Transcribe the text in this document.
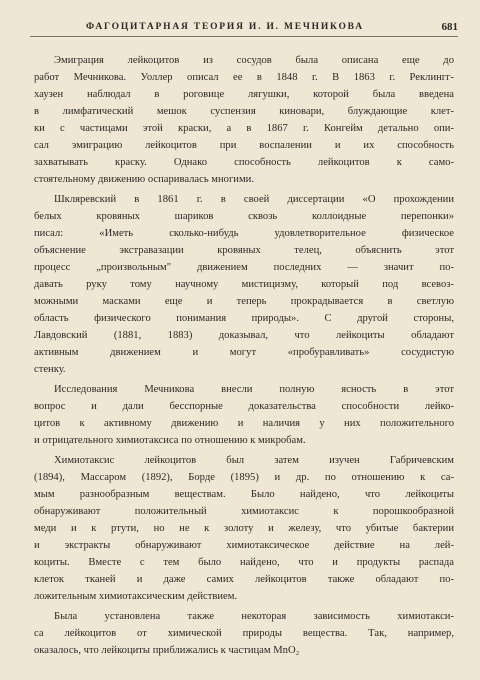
ФАГОЦИТАРНАЯ ТЕОРИЯ И. И. МЕЧНИКОВА	681

Эмиграция лейкоцитов из сосудов была описана еще до
работ Мечникова. Уоллер описал ее в 1848 г. В 1863 г. Реклингг-
хаузен наблюдал в роговице лягушки, которой была введена
в лимфатический мешок суспензия киновари, блуждающие клет-
ки с частицами этой краски, а в 1867 г. Конгейм детально опи-
сал эмиграцию лейкоцитов при воспалении и их способность
захватывать краску. Однако способность лейкоцитов к само-
стоятельному движению оспаривалась многими.

Шкляревский в 1861 г. в своей диссертации «О прохождении
белых кровяных шариков сквозь коллоидные перепонки»
писал: «Иметь сколько-нибудь удовлетворительное физическое
объяснение экстравазации кровяных телец, объяснить этот
процесс „произвольным" движением последних — значит по-
давать руку тому научному мистицизму, который под всевоз-
можными масками еще и теперь прокрадывается в светлую
область физического понимания природы». С другой стороны,
Лавдовский (1881, 1883) доказывал, что лейкоциты обладают
активным движением и могут «пробуравливать» сосудистую
стенку.

Исследования Мечникова внесли полную ясность в этот
вопрос и дали бесспорные доказательства способности лейко-
цитов к активному движению и наличия у них положительного
и отрицательного химиотаксиса по отношению к микробам.

Химиотаксис лейкоцитов был затем изучен Габричевским
(1894), Массаром (1892), Борде (1895) и др. по отношению к са-
мым разнообразным веществам. Было найдено, что лейкоциты
обнаруживают положительный химиотаксис к порошкообразной
меди и к ртути, но не к золоту и железу, что убитые бактерии
и экстракты обнаруживают химиотаксическое действие на лей-
коциты. Вместе с тем было найдено, что и продукты распада
клеток тканей и даже самих лейкоцитов также обладают по-
ложительным химиотаксическим действием.

Была установлена также некоторая зависимость химиотакси-
са лейкоцитов от химической природы вещества. Так, например,
оказалось, что лейкоциты приближались к частицам MnO₂
